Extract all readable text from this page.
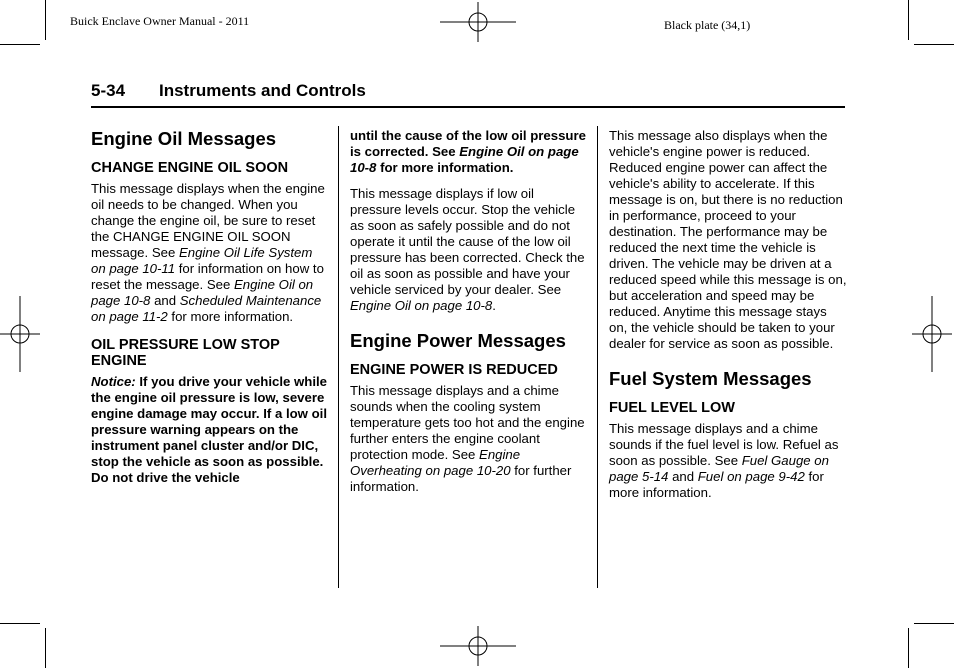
Buick Enclave Owner Manual - 2011	Black plate (34,1)
5-34 Instruments and Controls
Engine Oil Messages
CHANGE ENGINE OIL SOON

This message displays when the engine oil needs to be changed. When you change the engine oil, be sure to reset the CHANGE ENGINE OIL SOON message. See Engine Oil Life System on page 10-11 for information on how to reset the message. See Engine Oil on page 10-8 and Scheduled Maintenance on page 11-2 for more information.

OIL PRESSURE LOW STOP ENGINE

Notice: If you drive your vehicle while the engine oil pressure is low, severe engine damage may occur. If a low oil pressure warning appears on the instrument panel cluster and/or DIC, stop the vehicle as soon as possible. Do not drive the vehicle

until the cause of the low oil pressure is corrected. See Engine Oil on page 10-8 for more information.

This message displays if low oil pressure levels occur. Stop the vehicle as soon as safely possible and do not operate it until the cause of the low oil pressure has been corrected. Check the oil as soon as possible and have your vehicle serviced by your dealer. See Engine Oil on page 10-8.

Engine Power Messages
ENGINE POWER IS REDUCED

This message displays and a chime sounds when the cooling system temperature gets too hot and the engine further enters the engine coolant protection mode. See Engine Overheating on page 10-20 for further information.

This message also displays when the vehicle's engine power is reduced. Reduced engine power can affect the vehicle's ability to accelerate. If this message is on, but there is no reduction in performance, proceed to your destination. The performance may be reduced the next time the vehicle is driven. The vehicle may be driven at a reduced speed while this message is on, but acceleration and speed may be reduced. Anytime this message stays on, the vehicle should be taken to your dealer for service as soon as possible.

Fuel System Messages
FUEL LEVEL LOW

This message displays and a chime sounds if the fuel level is low. Refuel as soon as possible. See Fuel Gauge on page 5-14 and Fuel on page 9-42 for more information.
